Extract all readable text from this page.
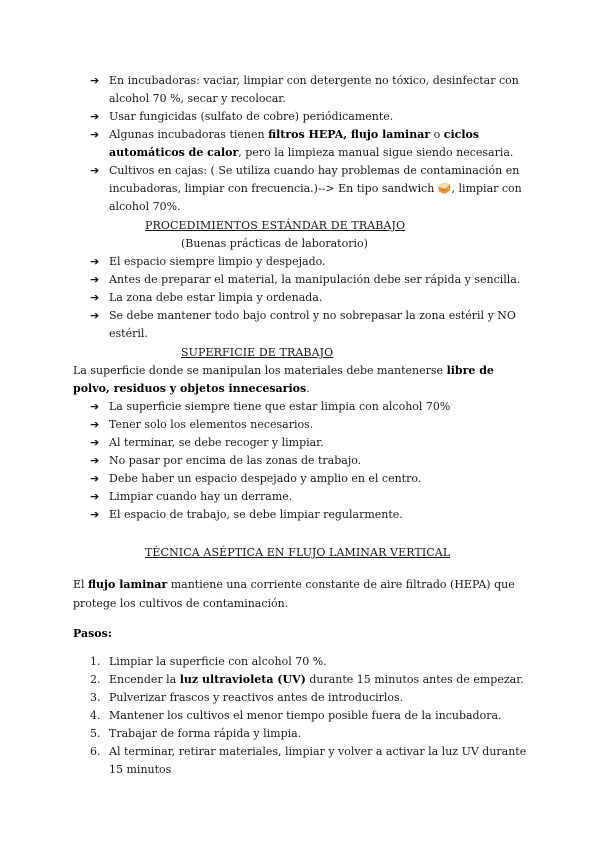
➔ En incubadoras: vaciar, limpiar con detergente no tóxico, desinfectar con alcohol 70 %, secar y recolocar.
➔ Usar fungicidas (sulfato de cobre) periódicamente.
➔ Algunas incubadoras tienen filtros HEPA, flujo laminar o ciclos automáticos de calor, pero la limpieza manual sigue siendo necesaria.
➔ Cultivos en cajas: ( Se utiliza cuando hay problemas de contaminación en incubadoras, limpiar con frecuencia.)--> En tipo sandwich 🥪, limpiar con alcohol 70%.
PROCEDIMIENTOS ESTÁNDAR DE TRABAJO
(Buenas prácticas de laboratorio)
➔ El espacio siempre limpio y despejado.
➔ Antes de preparar el material, la manipulación debe ser rápida y sencilla.
➔ La zona debe estar limpia y ordenada.
➔ Se debe mantener todo bajo control y no sobrepasar la zona estéril y NO estéril.
SUPERFICIE DE TRABAJO

La superficie donde se manipulan los materiales debe mantenerse libre de polvo, residuos y objetos innecesarios.

➔ La superficie siempre tiene que estar limpia con alcohol 70%
➔ Tener solo los elementos necesarios.
➔ Al terminar, se debe recoger y limpiar.
➔ No pasar por encima de las zonas de trabajo.
➔ Debe haber un espacio despejado y amplio en el centro.
➔ Limpiar cuando hay un derrame.
➔ El espacio de trabajo, se debe limpiar regularmente.
TÉCNICA ASÉPTICA EN FLUJO LAMINAR VERTICAL

El flujo laminar mantiene una corriente constante de aire filtrado (HEPA) que protege los cultivos de contaminación.

Pasos:
1. Limpiar la superficie con alcohol 70 %.
2. Encender la luz ultravioleta (UV) durante 15 minutos antes de empezar.
3. Pulverizar frascos y reactivos antes de introducirlos.
4. Mantener los cultivos el menor tiempo posible fuera de la incubadora.
5. Trabajar de forma rápida y limpia.
6. Al terminar, retirar materiales, limpiar y volver a activar la luz UV durante 15 minutos
